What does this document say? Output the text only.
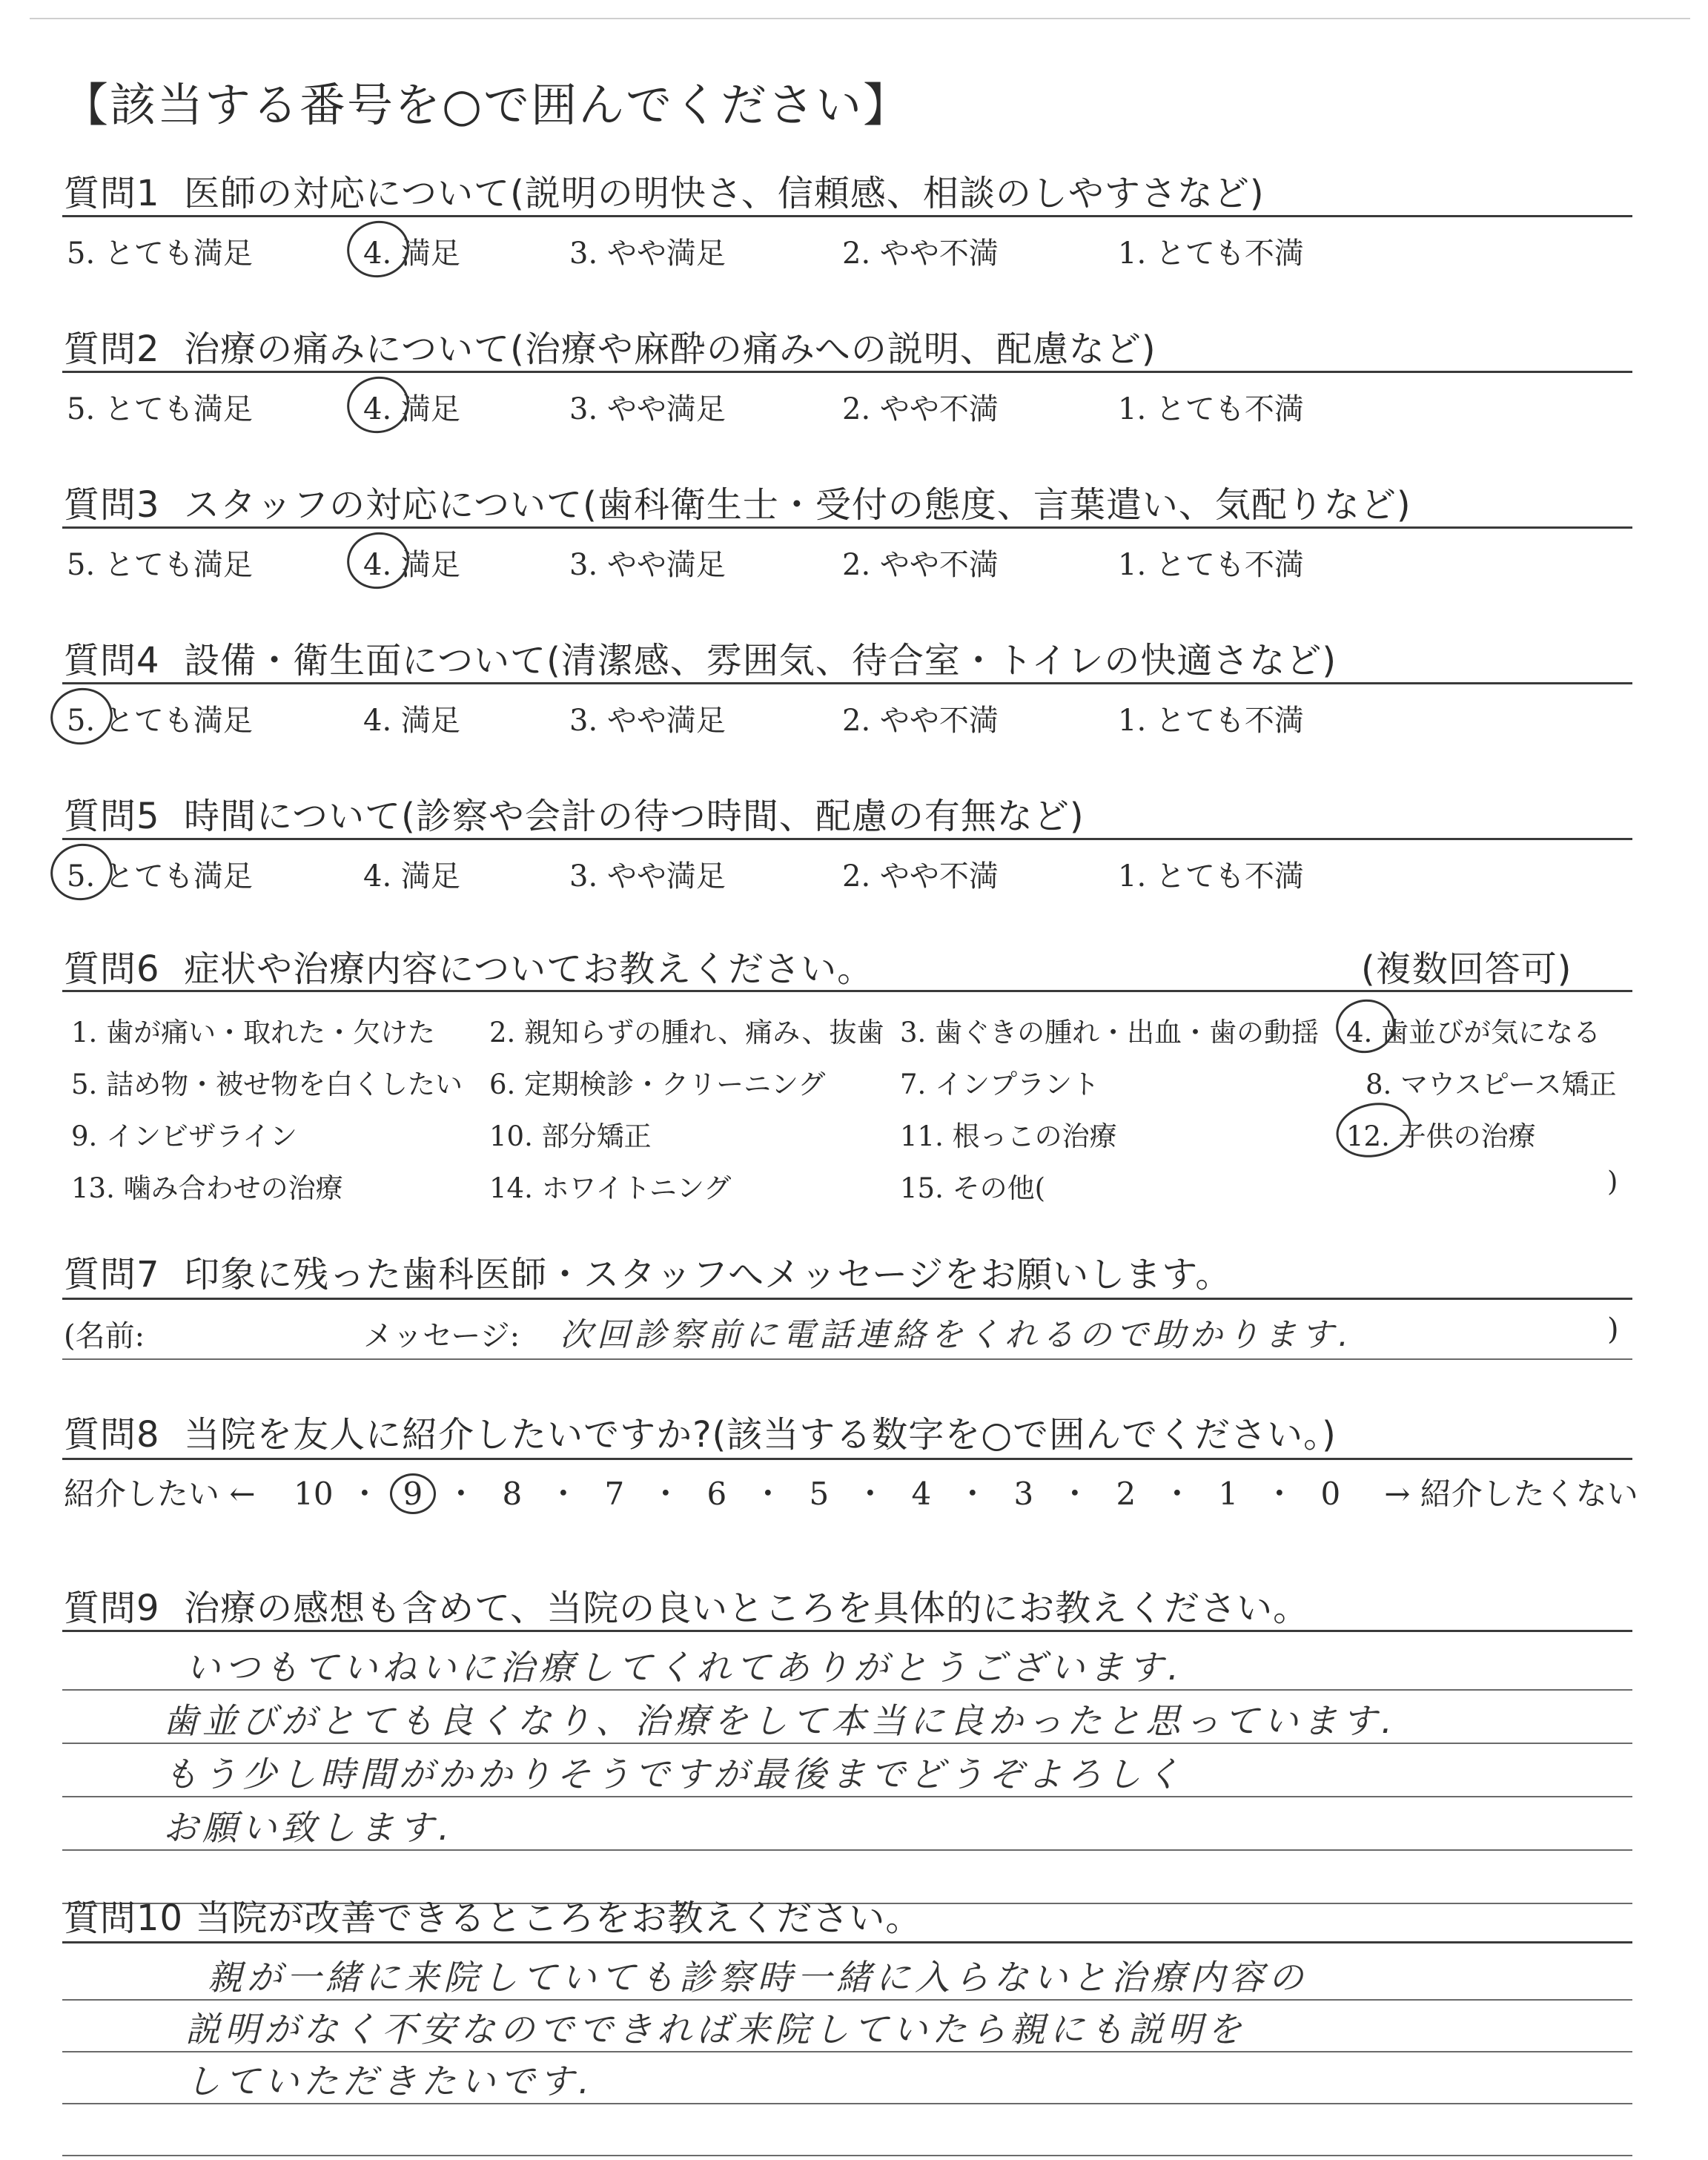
【該当する番号を○で囲んでください】
質問1 医師の対応について(説明の明快さ、信頼感、相談のしやすさなど)
5. とても満足	4. 満足	3. やや満足	2. やや不満	1. とても不満
質問2 治療の痛みについて(治療や麻酔の痛みへの説明、配慮など)
5. とても満足	4. 満足	3. やや満足	2. やや不満	1. とても不満
質問3 スタッフの対応について(歯科衛生士・受付の態度、言葉遣い、気配りなど)
5. とても満足	4. 満足	3. やや満足	2. やや不満	1. とても不満
質問4 設備・衛生面について(清潔感、雰囲気、待合室・トイレの快適さなど)
5. とても満足	4. 満足	3. やや満足	2. やや不満	1. とても不満
質問5 時間について(診察や会計の待つ時間、配慮の有無など)
5. とても満足	4. 満足	3. やや満足	2. やや不満	1. とても不満
質問6 症状や治療内容についてお教えください。	(複数回答可)
1. 歯が痛い・取れた・欠けた 2. 親知らずの腫れ、痛み、抜歯 3. 歯ぐきの腫れ・出血・歯の動揺 4. 歯並びが気になる
5. 詰め物・被せ物を白くしたい 6. 定期検診・クリーニング	7. インプラント	8. マウスピース矯正
9. インビザライン	10. 部分矯正	11. 根っこの治療	12. 子供の治療
13. 噛み合わせの治療	14. ホワイトニング	15. その他(	)
質問7 印象に残った歯科医師・スタッフへメッセージをお願いします。
(名前:	メッセージ: 次回診察前に電話連絡をくれるので助かります.	)
質問8 当院を友人に紹介したいですか?(該当する数字を○で囲んでください。)
紹介したい ← 10 ・ 9 ・ 8 ・ 7 ・ 6 ・ 5 ・ 4 ・ 3 ・ 2 ・ 1 ・ 0 → 紹介したくない
質問9 治療の感想も含めて、当院の良いところを具体的にお教えください。
いつもていねいに治療してくれてありがとうございます.
歯並びがとても良くなり、治療をして本当に良かったと思っています.
もう少し時間がかかりそうですが最後までどうぞよろしく
お願い致します.
質問10 当院が改善できるところをお教えください。
親が一緒に来院していても診察時一緒に入らないと治療内容の
説明がなく不安なのでできれば来院していたら親にも説明を
していただきたいです.
